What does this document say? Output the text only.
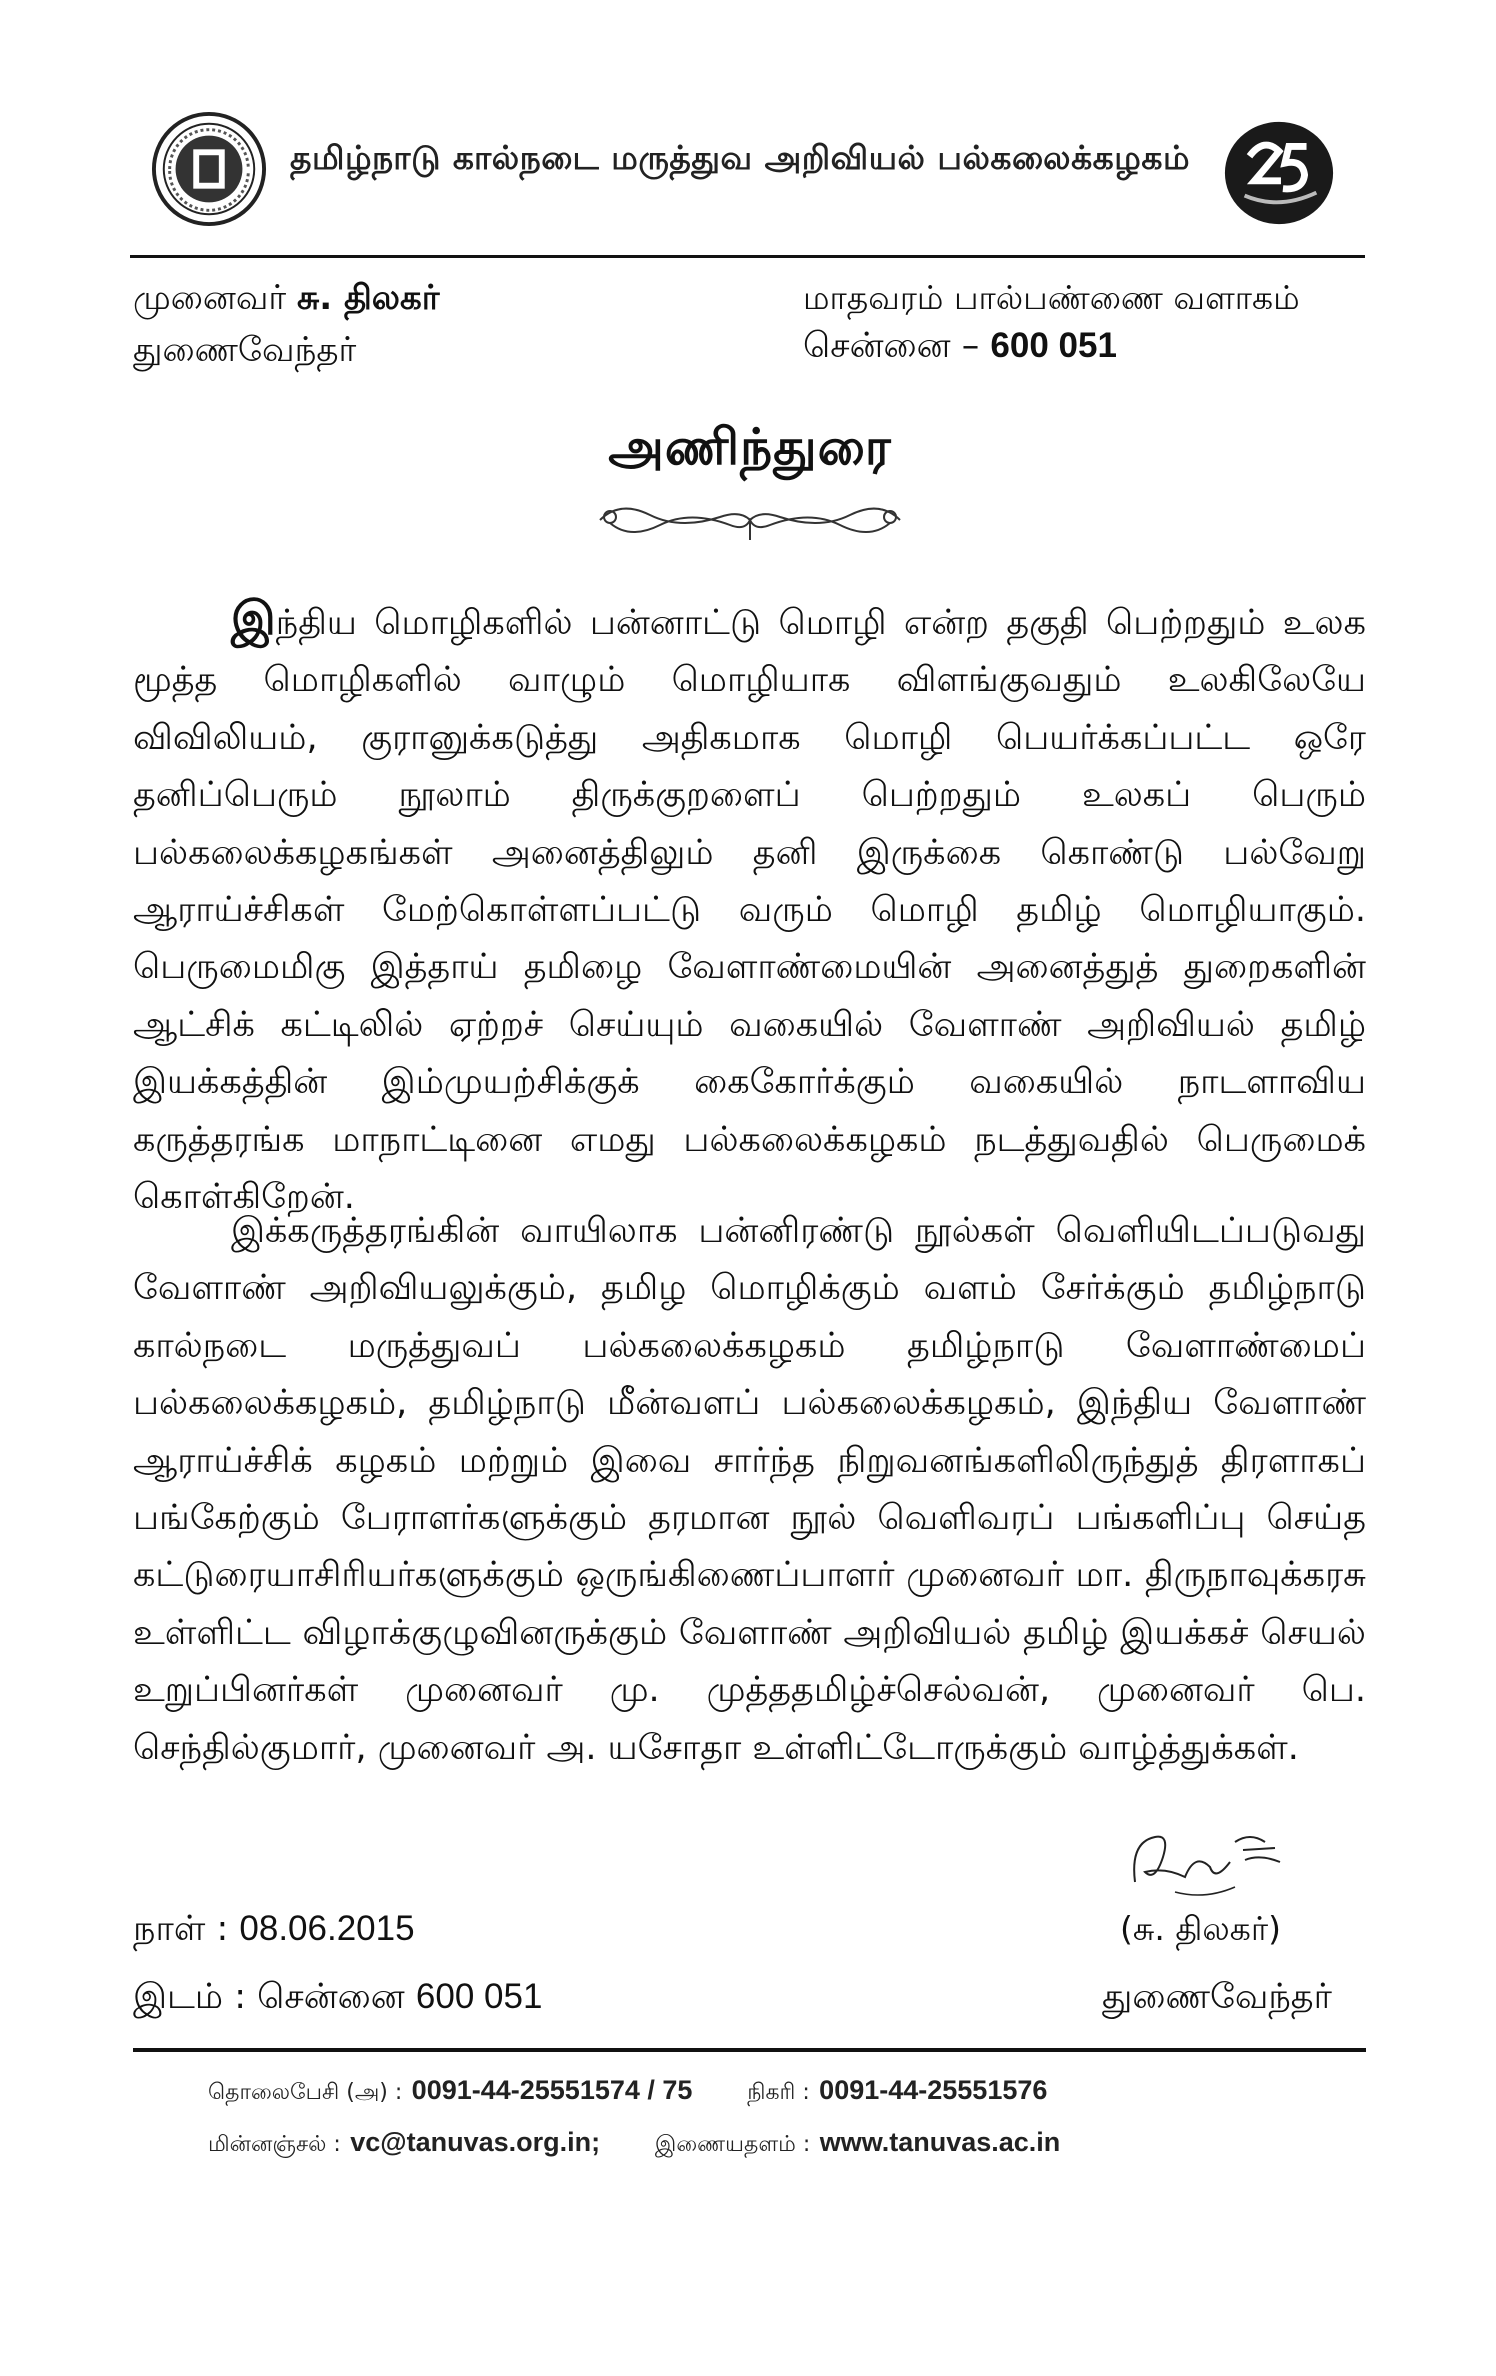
தமிழ்நாடு கால்நடை மருத்துவ அறிவியல் பல்கலைக்கழகம்
முனைவர் சு. திலகர்
துணைவேந்தர்
மாதவரம் பால்பண்ணை வளாகம்
சென்னை – 600 051
அணிந்துரை
இந்திய மொழிகளில் பன்னாட்டு மொழி என்ற தகுதி பெற்றதும் உலக மூத்த மொழிகளில் வாழும் மொழியாக விளங்குவதும் உலகிலேயே விவிலியம், குரானுக்கடுத்து அதிகமாக மொழி பெயர்க்கப்பட்ட ஒரே தனிப்பெரும் நூலாம் திருக்குறளைப் பெற்றதும் உலகப் பெரும் பல்கலைக்கழகங்கள் அனைத்திலும் தனி இருக்கை கொண்டு பல்வேறு ஆராய்ச்சிகள் மேற்கொள்ளப்பட்டு வரும் மொழி தமிழ் மொழியாகும். பெருமைமிகு இத்தாய் தமிழை வேளாண்மையின் அனைத்துத் துறைகளின் ஆட்சிக் கட்டிலில் ஏற்றச் செய்யும் வகையில் வேளாண் அறிவியல் தமிழ் இயக்கத்தின் இம்முயற்சிக்குக் கைகோர்க்கும் வகையில் நாடளாவிய கருத்தரங்க மாநாட்டினை எமது பல்கலைக்கழகம் நடத்துவதில் பெருமைக் கொள்கிறேன்.
இக்கருத்தரங்கின் வாயிலாக பன்னிரண்டு நூல்கள் வெளியிடப்படுவது வேளாண் அறிவியலுக்கும், தமிழ மொழிக்கும் வளம் சேர்க்கும் தமிழ்நாடு கால்நடை மருத்துவப் பல்கலைக்கழகம் தமிழ்நாடு வேளாண்மைப் பல்கலைக்கழகம், தமிழ்நாடு மீன்வளப் பல்கலைக்கழகம், இந்திய வேளாண் ஆராய்ச்சிக் கழகம் மற்றும் இவை சார்ந்த நிறுவனங்களிலிருந்துத் திரளாகப் பங்கேற்கும் பேராளர்களுக்கும் தரமான நூல் வெளிவரப் பங்களிப்பு செய்த கட்டுரையாசிரியர்களுக்கும் ஒருங்கிணைப்பாளர் முனைவர் மா. திருநாவுக்கரசு உள்ளிட்ட விழாக்குழுவினருக்கும் வேளாண் அறிவியல் தமிழ் இயக்கச் செயல் உறுப்பினர்கள் முனைவர் மு. முத்ததமிழ்ச்செல்வன், முனைவர் பெ. செந்தில்குமார், முனைவர் அ. யசோதா உள்ளிட்டோருக்கும் வாழ்த்துக்கள்.
நாள் : 08.06.2015
இடம் : சென்னை 600 051
(சு. திலகர்)
துணைவேந்தர்
தொலைபேசி (அ) : 0091-44-25551574 / 75 நிகரி : 0091-44-25551576
மின்னஞ்சல் : vc@tanuvas.org.in; இணையதளம் : www.tanuvas.ac.in
